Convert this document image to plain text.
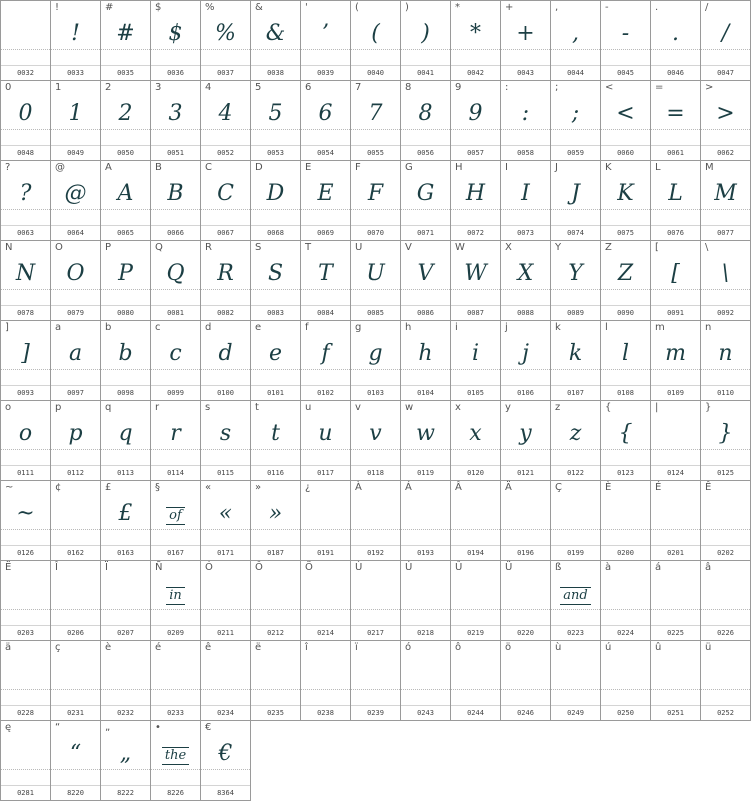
0032
!
!
0033
#
#
0035
$
$
0036
%
%
0037
&
&
0038
'
’
0039
(
(
0040
)
)
0041
*
*
0042
+
+
0043
,
,
0044
-
-
0045
.
.
0046
/
/
0047
0
0
0048
1
1
0049
2
2
0050
3
3
0051
4
4
0052
5
5
0053
6
6
0054
7
7
0055
8
8
0056
9
9
0057
:
:
0058
;
;
0059
<
<
0060
=
=
0061
>
>
0062
?
?
0063
@
@
0064
A
A
0065
B
B
0066
C
C
0067
D
D
0068
E
E
0069
F
F
0070
G
G
0071
H
H
0072
I
I
0073
J
J
0074
K
K
0075
L
L
0076
M
M
0077
N
N
0078
O
O
0079
P
P
0080
Q
Q
0081
R
R
0082
S
S
0083
T
T
0084
U
U
0085
V
V
0086
W
W
0087
X
X
0088
Y
Y
0089
Z
Z
0090
[
[
0091
\
\
0092
]
]
0093
a
a
0097
b
b
0098
c
c
0099
d
d
0100
e
e
0101
f
f
0102
g
g
0103
h
h
0104
i
i
0105
j
j
0106
k
k
0107
l
l
0108
m
m
0109
n
n
0110
o
o
0111
p
p
0112
q
q
0113
r
r
0114
s
s
0115
t
t
0116
u
u
0117
v
v
0118
w
w
0119
x
x
0120
y
y
0121
z
z
0122
{
{
0123
|
0124
}
}
0125
~
~
0126
¢
0162
£
£
0163
§
of
0167
«
«
0171
»
»
0187
¿
0191
À
0192
Á
0193
Â
0194
Ä
0196
Ç
0199
È
0200
É
0201
Ê
0202
Ë
0203
Î
0206
Ï
0207
Ñ
in
0209
Ó
0211
Ô
0212
Ö
0214
Ù
0217
Ú
0218
Û
0219
Ü
0220
ß
and
0223
à
0224
á
0225
â
0226
ä
0228
ç
0231
è
0232
é
0233
ê
0234
ë
0235
î
0238
ï
0239
ó
0243
ô
0244
ö
0246
ù
0249
ú
0250
û
0251
ü
0252
ę
0281
“
“
8220
„
„
8222
•
the
8226
€
€
8364
